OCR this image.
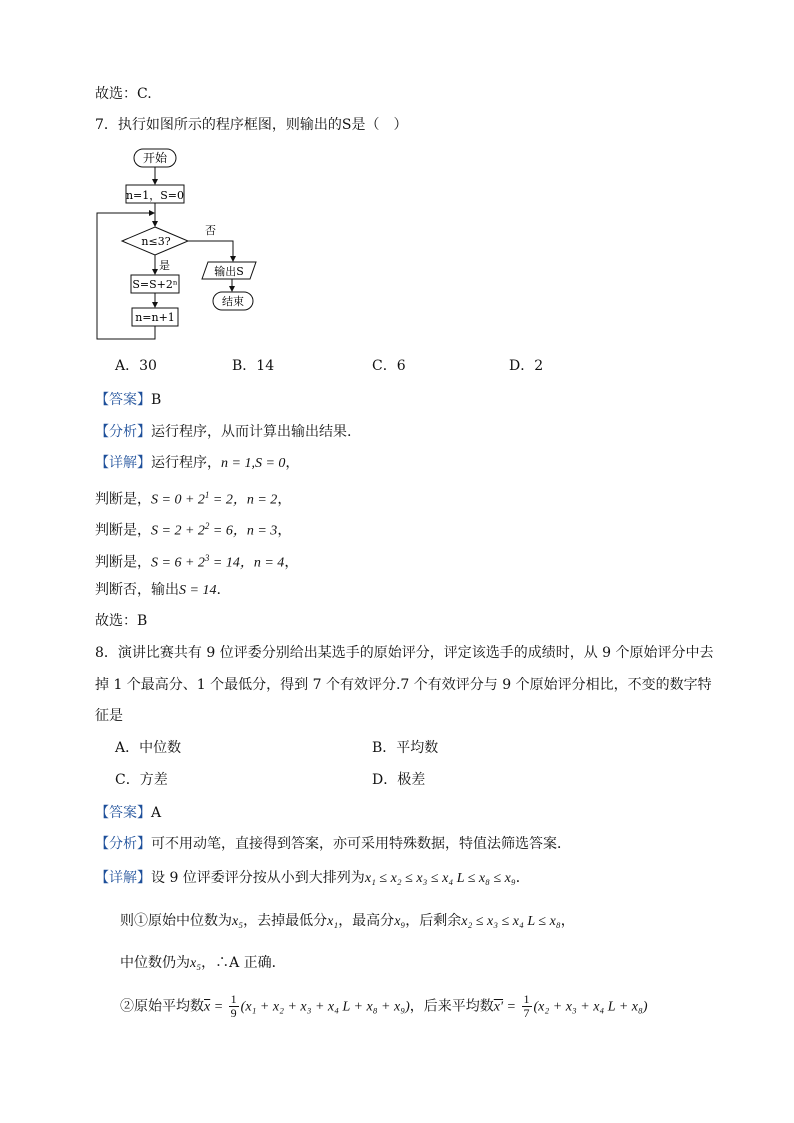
故选：C.
7．执行如图所示的程序框图，则输出的S是（　）
开始
n=1，S=0
n≤3?
否
是
S=S+2ⁿ
n=n+1
输出S
结束
A．30	B．14	C．6	D．2
【答案】B
【分析】运行程序，从而计算出输出结果.
【详解】运行程序，n = 1,S = 0，
判断是，$S = 0 + 2^1 = 2$，n = 2，
判断是，$S = 2 + 2^2 = 6$，n = 3，
判断是，$S = 6 + 2^3 = 14$，n = 4，
判断否，输出S = 14.
故选：B
8．演讲比赛共有 9 位评委分别给出某选手的原始评分，评定该选手的成绩时，从 9 个原始评分中去
掉 1 个最高分、1 个最低分，得到 7 个有效评分.7 个有效评分与 9 个原始评分相比，不变的数字特
征是
A．中位数	B．平均数
C．方差	D．极差
【答案】A
【分析】可不用动笔，直接得到答案，亦可采用特殊数据，特值法筛选答案．
【详解】设 9 位评委评分按从小到大排列为x₁ ≤ x₂ ≤ x₃ ≤ x₄ L ≤ x₈ ≤ x₉．
则①原始中位数为x₅，去掉最低分x₁，最高分x₉，后剩余x₂ ≤ x₃ ≤ x₄ L ≤ x₈，
中位数仍为x₅，∴A 正确．
②原始平均数$\overline{x} = \frac{1}{9} (x_1 + x_2 + x_3 + x_4$ L + x₈ + x₉)，后来平均数$x' = \frac{1}{7} (x_2 + x_3 + x_4$ L + x₈)
